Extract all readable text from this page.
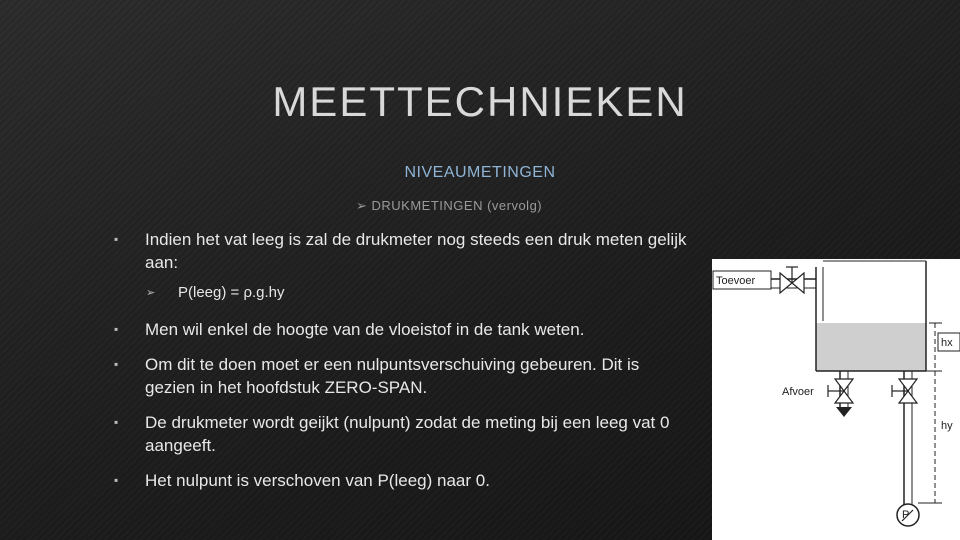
MEETTECHNIEKEN
NIVEAUMETINGEN
➢ DRUKMETINGEN (vervolg)
▪ Indien het vat leeg is zal de drukmeter nog steeds een druk meten gelijk aan:
➢ P(leeg) = ρ.g.hy
▪ Men wil enkel de hoogte van de vloeistof in de tank weten.
▪ Om dit te doen moet er een nulpuntsverschuiving gebeuren. Dit is gezien in het hoofdstuk ZERO-SPAN.
▪ De drukmeter wordt geijkt (nulpunt) zodat de meting bij een leeg vat 0 aangeeft.
▪ Het nulpunt is verschoven van P(leeg) naar 0.
Toevoer
Afvoer
P
hx
hy
